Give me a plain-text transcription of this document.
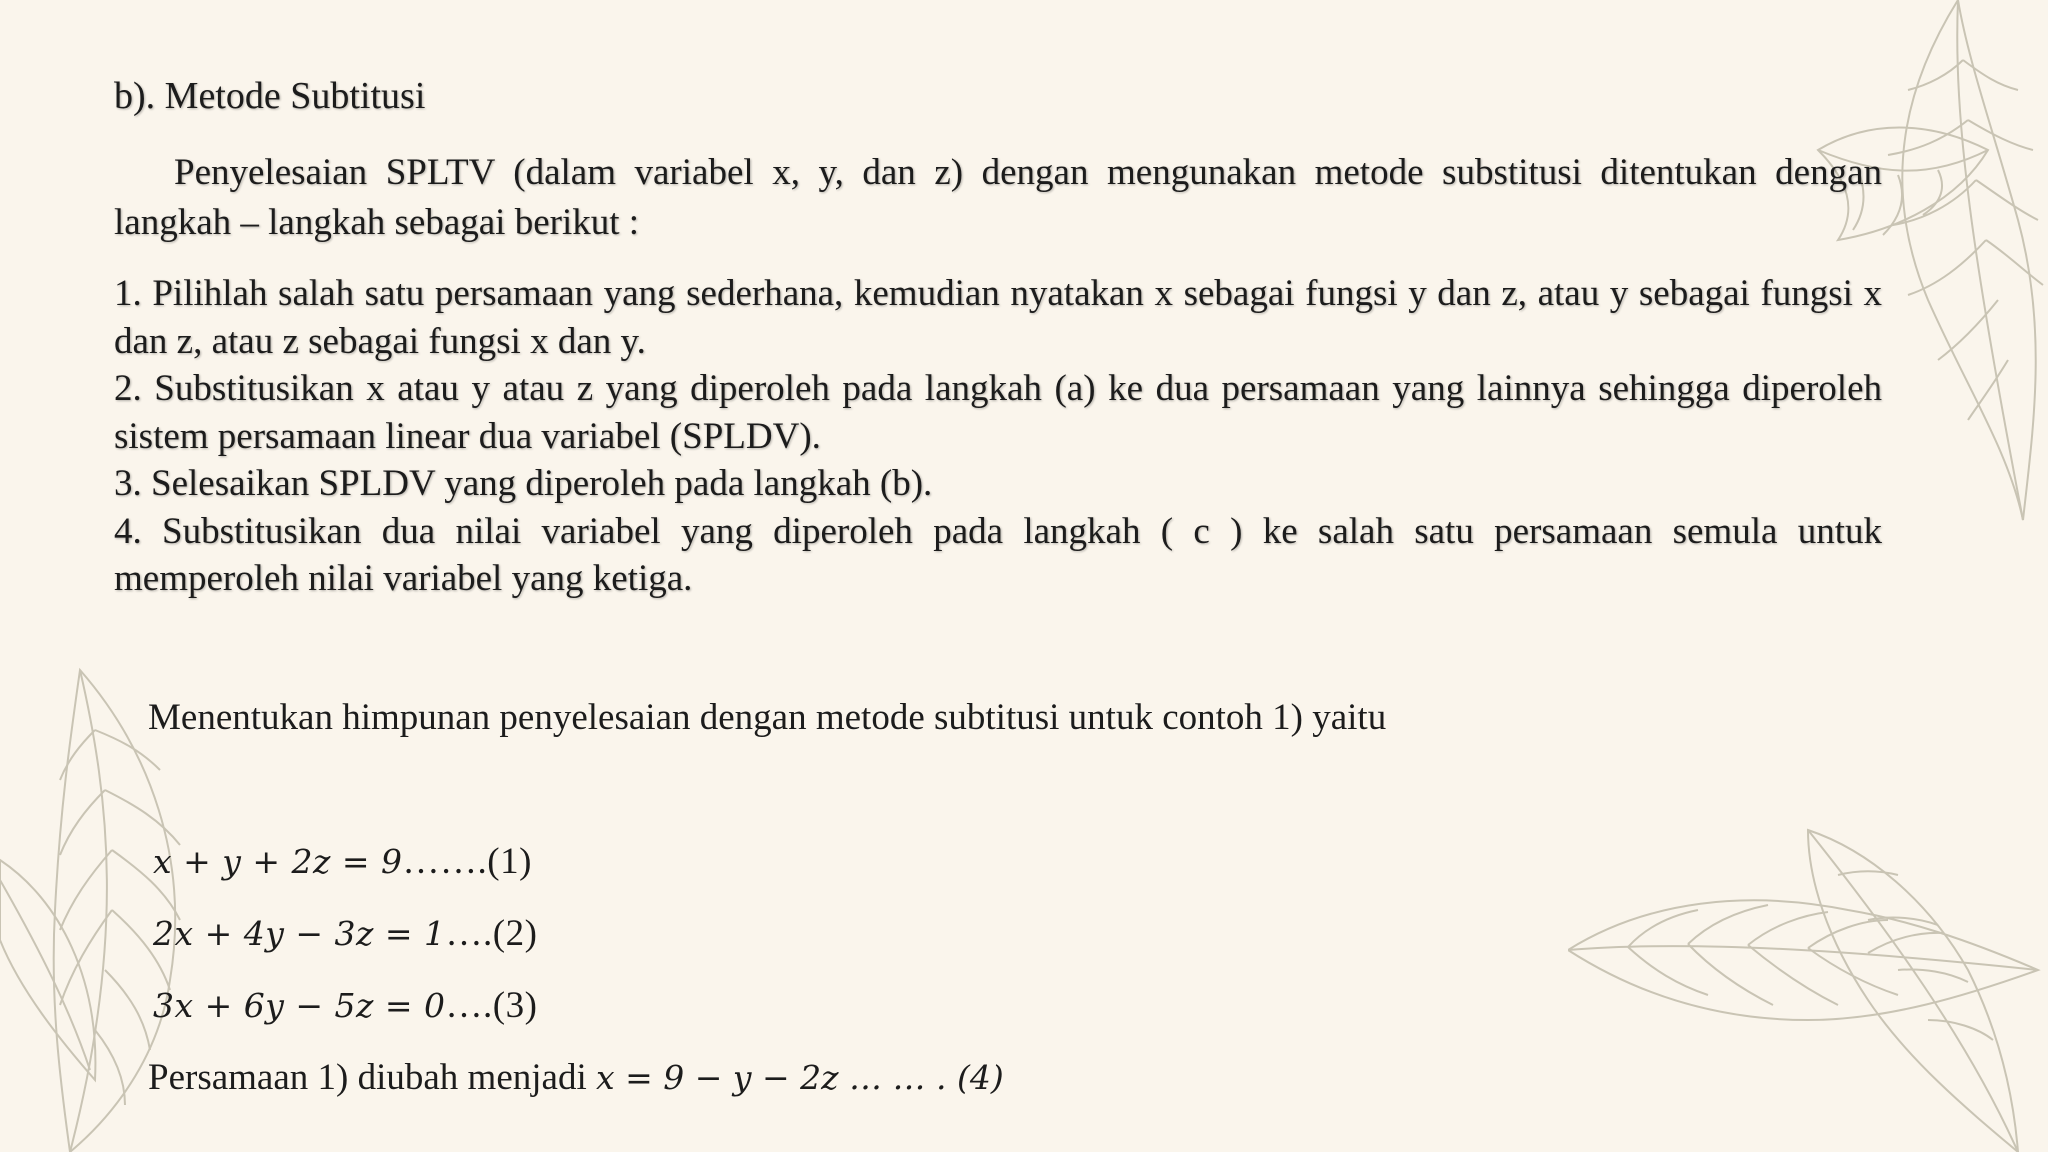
b). Metode Subtitusi
Penyelesaian SPLTV (dalam variabel x, y, dan z) dengan mengunakan metode substitusi ditentukan dengan langkah – langkah sebagai berikut :

1. Pilihlah salah satu persamaan yang sederhana, kemudian nyatakan x sebagai fungsi y dan z, atau y sebagai fungsi x dan z, atau z sebagai fungsi x dan y.

2. Substitusikan x atau y atau z yang diperoleh pada langkah (a) ke dua persamaan yang lainnya sehingga diperoleh sistem persamaan linear dua variabel (SPLDV).

3. Selesaikan SPLDV yang diperoleh pada langkah (b).

4. Substitusikan dua nilai variabel yang diperoleh pada langkah ( c ) ke salah satu persamaan semula untuk memperoleh nilai variabel yang ketiga.

Menentukan himpunan penyelesaian dengan metode subtitusi untuk contoh 1) yaitu
x + y + 2z = 9…….(1)
2x + 4y − 3z = 1….(2)
3x + 6y − 5z = 0….(3)
Persamaan 1) diubah menjadi x = 9 − y − 2z … … . (4)
